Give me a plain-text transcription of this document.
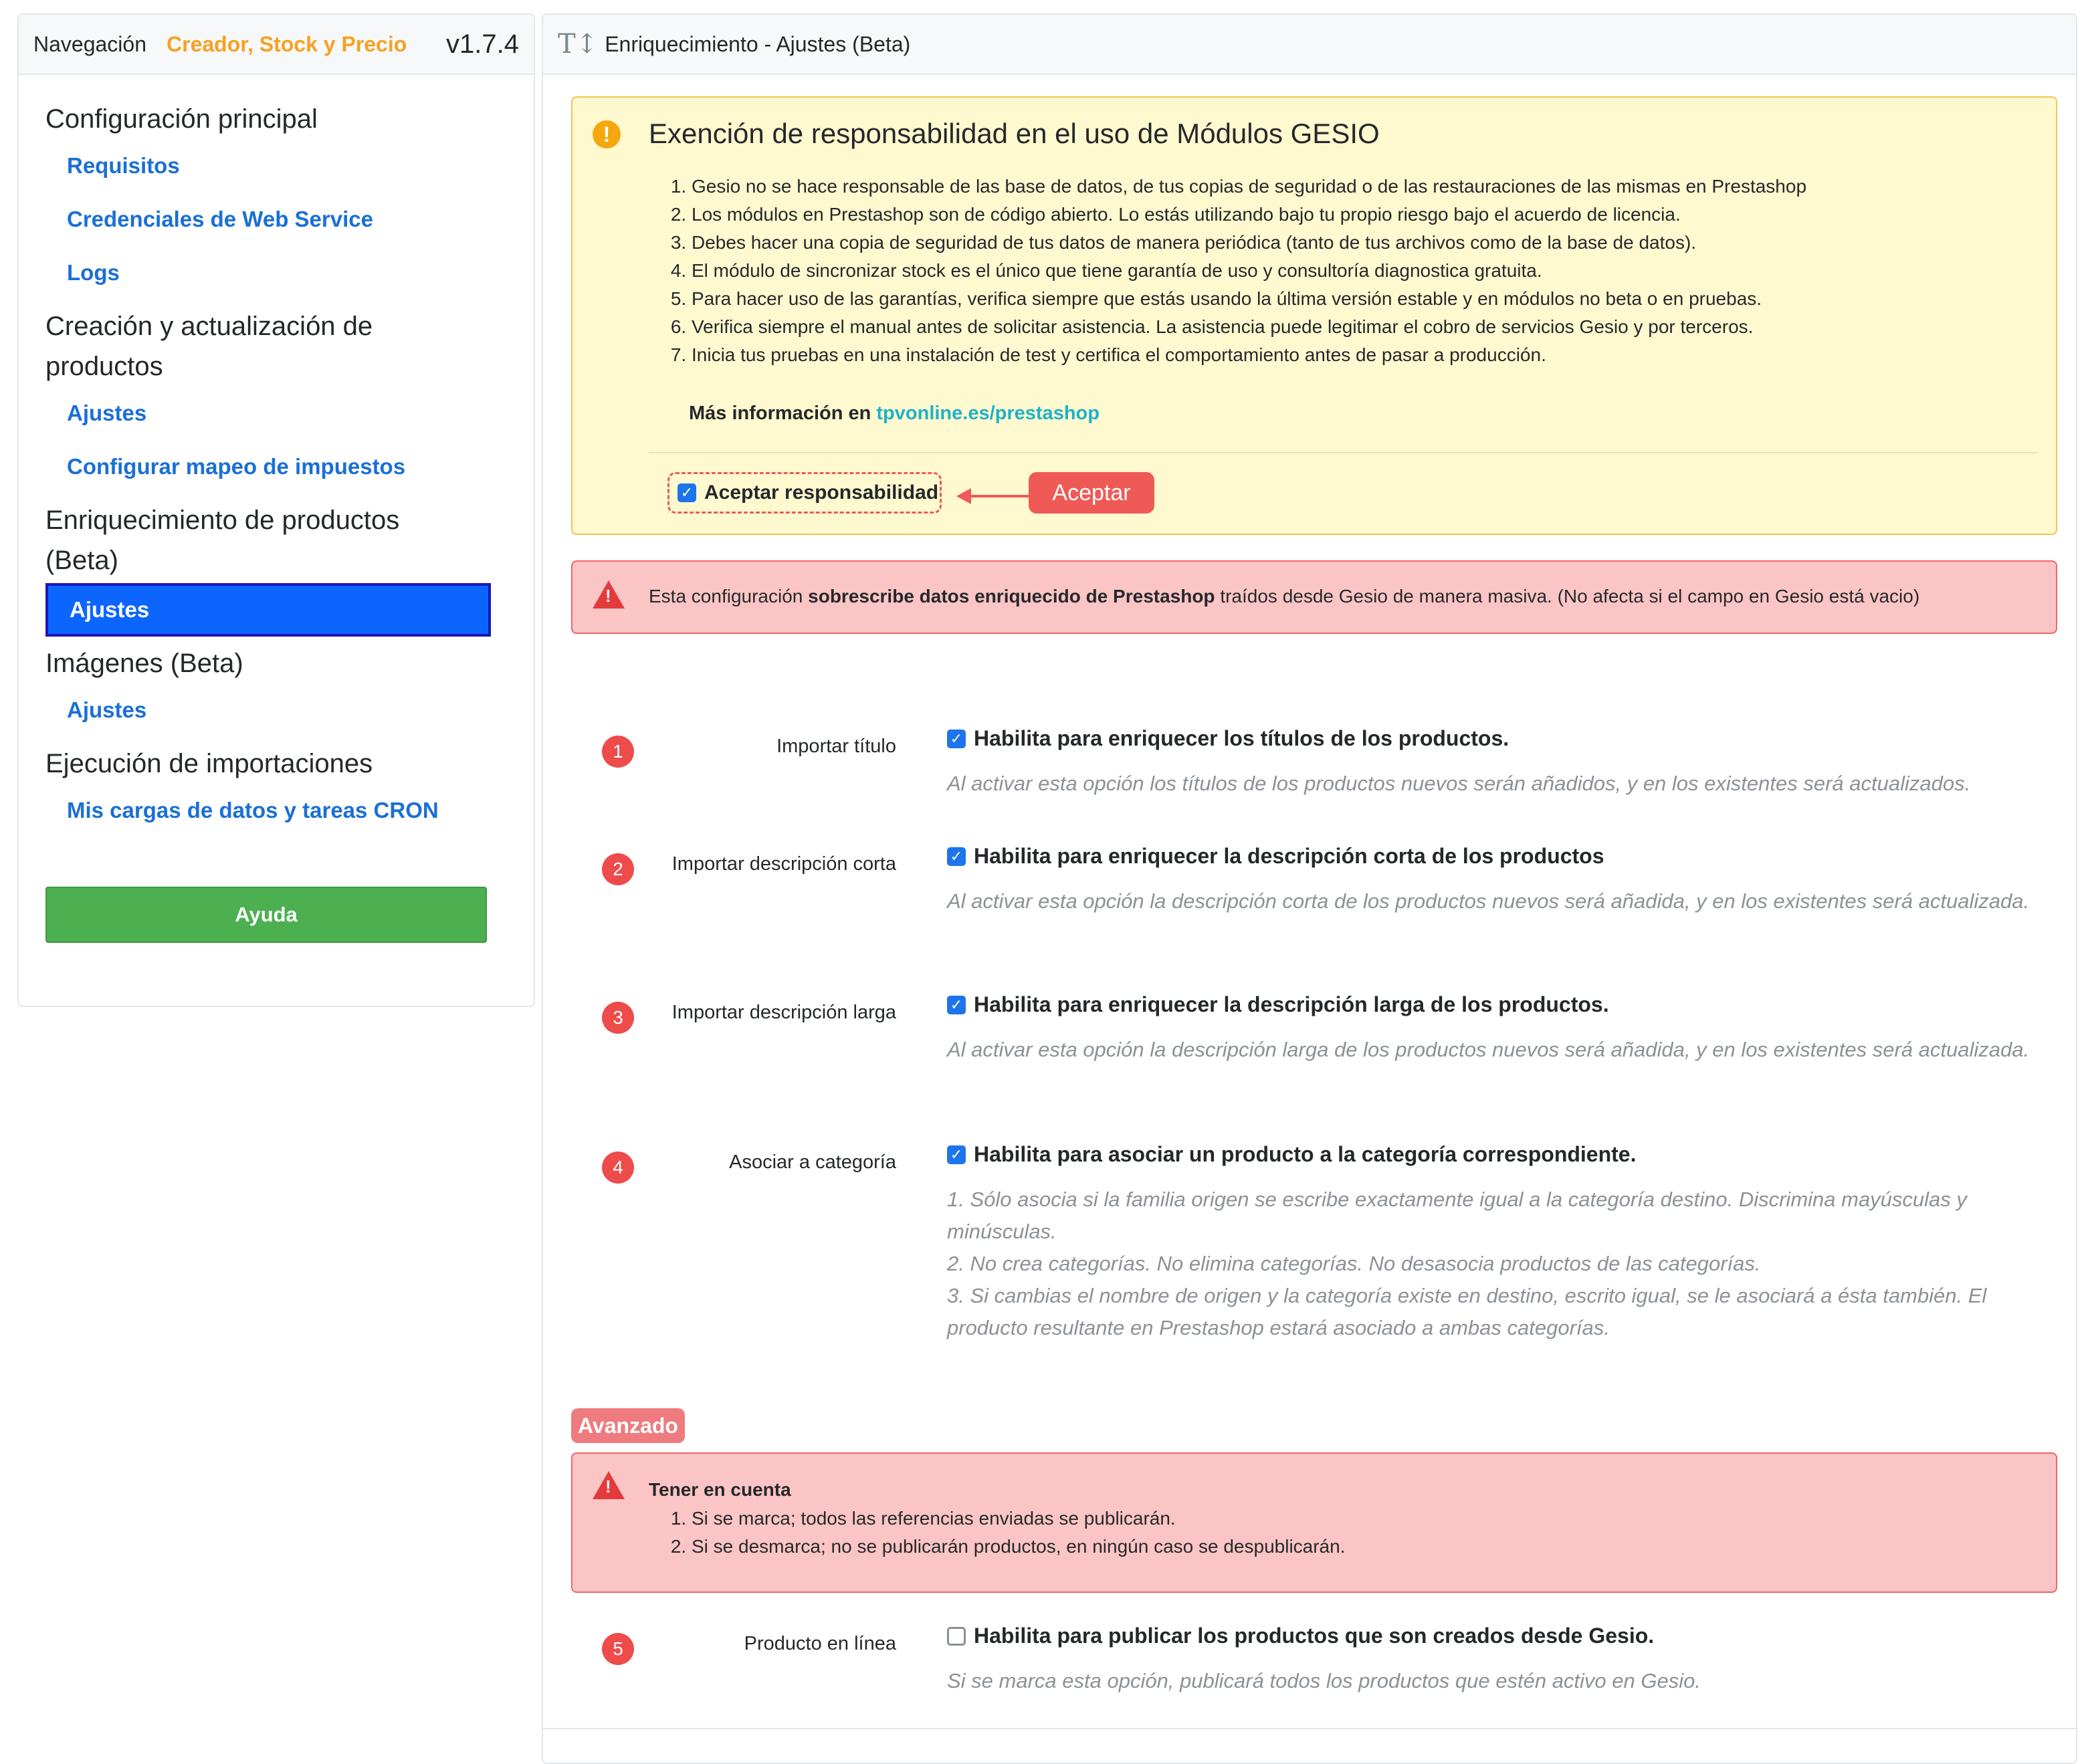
Navegación Creador, Stock y Precio v1.7.4
Configuración principal
Requisitos
Credenciales de Web Service
Logs
Creación y actualización de productos
Ajustes
Configurar mapeo de impuestos
Enriquecimiento de productos (Beta)
Ajustes
Imágenes (Beta)
Ajustes
Ejecución de importaciones
Mis cargas de datos y tareas CRON
Ayuda
T↕ Enriquecimiento - Ajustes (Beta)
!	Exención de responsabilidad en el uso de Módulos GESIO
1. Gesio no se hace responsable de las base de datos, de tus copias de seguridad o de las restauraciones de las mismas en Prestashop
2. Los módulos en Prestashop son de código abierto. Lo estás utilizando bajo tu propio riesgo bajo el acuerdo de licencia.
3. Debes hacer una copia de seguridad de tus datos de manera periódica (tanto de tus archivos como de la base de datos).
4. El módulo de sincronizar stock es el único que tiene garantía de uso y consultoría diagnostica gratuita.
5. Para hacer uso de las garantías, verifica siempre que estás usando la última versión estable y en módulos no beta o en pruebas.
6. Verifica siempre el manual antes de solicitar asistencia. La asistencia puede legitimar el cobro de servicios Gesio y por terceros.
7. Inicia tus pruebas en una instalación de test y certifica el comportamiento antes de pasar a producción.
Más información en tpvonline.es/prestashop
✓ Aceptar responsabilidad	Aceptar
! Esta configuración sobrescribe datos enriquecido de Prestashop traídos desde Gesio de manera masiva. (No afecta si el campo en Gesio está vacio)
1	Importar título	✓ Habilita para enriquecer los títulos de los productos.
Al activar esta opción los títulos de los productos nuevos serán añadidos, y en los existentes será actualizados.
2	Importar descripción corta	✓ Habilita para enriquecer la descripción corta de los productos
Al activar esta opción la descripción corta de los productos nuevos será añadida, y en los existentes será actualizada.
3	Importar descripción larga	✓ Habilita para enriquecer la descripción larga de los productos.
Al activar esta opción la descripción larga de los productos nuevos será añadida, y en los existentes será actualizada.
4	Asociar a categoría	✓ Habilita para asociar un producto a la categoría correspondiente.
1. Sólo asocia si la familia origen se escribe exactamente igual a la categoría destino. Discrimina mayúsculas y minúsculas.
2. No crea categorías. No elimina categorías. No desasocia productos de las categorías.
3. Si cambias el nombre de origen y la categoría existe en destino, escrito igual, se le asociará a ésta también. El producto resultante en Prestashop estará asociado a ambas categorías.
Avanzado
! Tener en cuenta
1. Si se marca; todos las referencias enviadas se publicarán.
2. Si se desmarca; no se publicarán productos, en ningún caso se despublicarán.
5	Producto en línea	Habilita para publicar los productos que son creados desde Gesio.
Si se marca esta opción, publicará todos los productos que estén activo en Gesio.
